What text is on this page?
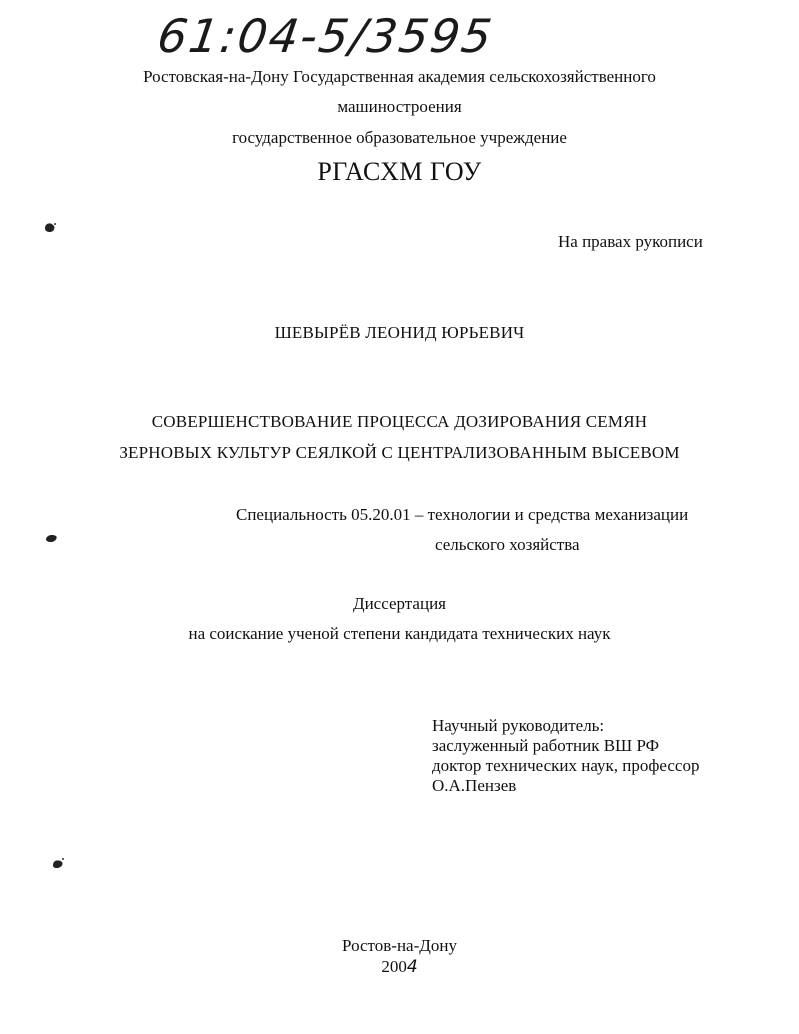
61:04-5/3595
Ростовская-на-Дону Государственная академия сельскохозяйственного
машиностроения
государственное образовательное учреждение
РГАСХМ ГОУ
На правах рукописи
ШЕВЫРЁВ ЛЕОНИД ЮРЬЕВИЧ
СОВЕРШЕНСТВОВАНИЕ ПРОЦЕССА ДОЗИРОВАНИЯ СЕМЯН
ЗЕРНОВЫХ КУЛЬТУР СЕЯЛКОЙ С ЦЕНТРАЛИЗОВАННЫМ ВЫСЕВОМ
Специальность 05.20.01 – технологии и средства механизации
сельского хозяйства
Диссертация
на соискание ученой степени кандидата технических наук
Научный руководитель:
заслуженный работник ВШ РФ
доктор технических наук, профессор
О.А.Пензев
Ростов-на-Дону
2004
